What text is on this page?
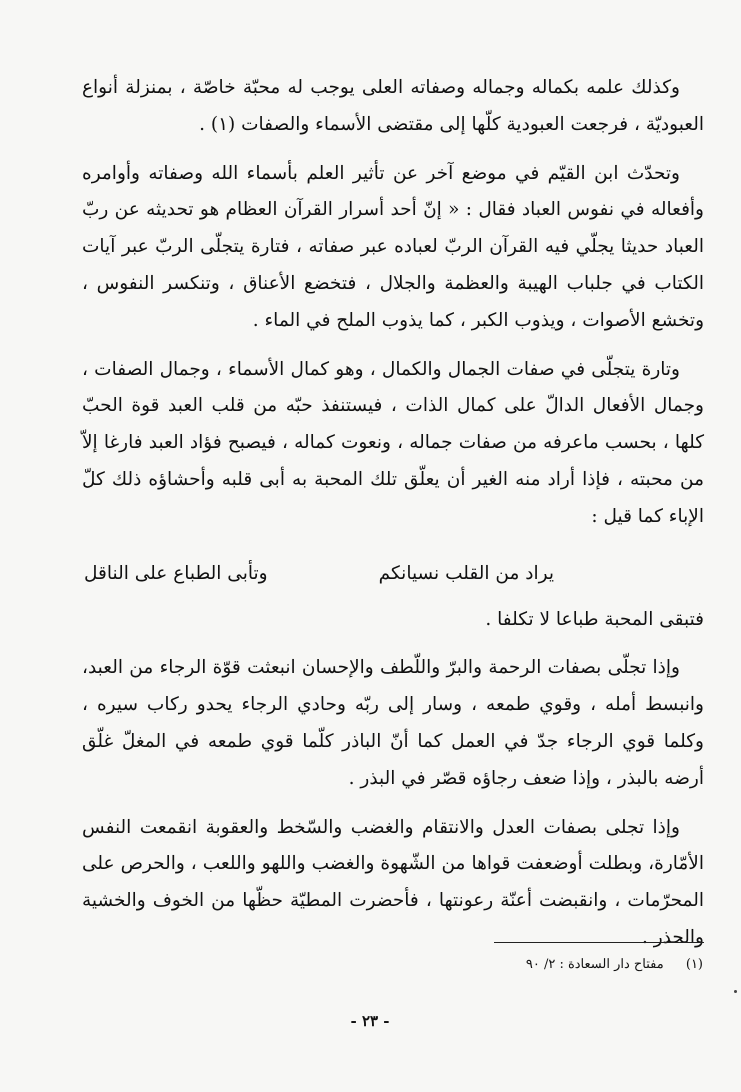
وكذلك علمه بكماله وجماله وصفاته العلى يوجب له محبّة خاصّة ، بمنزلة أنواع العبوديّة ، فرجعت العبودية كلّها إلى مقتضى الأسماء والصفات (١) .

وتحدّث ابن القيّم في موضع آخر عن تأثير العلم بأسماء الله وصفاته وأوامره وأفعاله في نفوس العباد فقال : « إنّ أحد أسرار القرآن العظام هو تحديثه عن ربّ العباد حديثا يجلّي فيه القرآن الربّ لعباده عبر صفاته ، فتارة يتجلّى الربّ عبر آيات الكتاب في جلباب الهيبة والعظمة والجلال ، فتخضع الأعناق ، وتنكسر النفوس ، وتخشع الأصوات ، ويذوب الكبر ، كما يذوب الملح في الماء .

وتارة يتجلّى في صفات الجمال والكمال ، وهو كمال الأسماء ، وجمال الصفات ، وجمال الأفعال الدالّ على كمال الذات ، فيستنفذ حبّه من قلب العبد قوة الحبّ كلها ، بحسب ماعرفه من صفات جماله ، ونعوت كماله ، فيصبح فؤاد العبد فارغا إلاّ من محبته ، فإذا أراد منه الغير أن يعلّق تلك المحبة به أبى قلبه وأحشاؤه ذلك كلّ الإباء كما قيل :

يراد من القلب نسيانكم
وتأبى الطباع على الناقل

فتبقى المحبة طباعا لا تكلفا .

وإذا تجلّى بصفات الرحمة والبرّ واللّطف والإحسان انبعثت قوّة الرجاء من العبد، وانبسط أمله ، وقوي طمعه ، وسار إلى ربّه وحادي الرجاء يحدو ركاب سيره ، وكلما قوي الرجاء جدّ في العمل كما أنّ الباذر كلّما قوي طمعه في المغلّ غلّق أرضه بالبذر ، وإذا ضعف رجاؤه قصّر في البذر .

وإذا تجلى بصفات العدل والانتقام والغضب والسّخط والعقوبة انقمعت النفس الأمّارة، وبطلت أوضعفت قواها من الشّهوة والغضب واللهو واللعب ، والحرص على المحرّمات ، وانقبضت أعنّة رعونتها ، فأحضرت المطيّة حظّها من الخوف والخشية والحذر .

(١) مفتاح دار السعادة : ٢/ ٩٠
- ٢٣ -
